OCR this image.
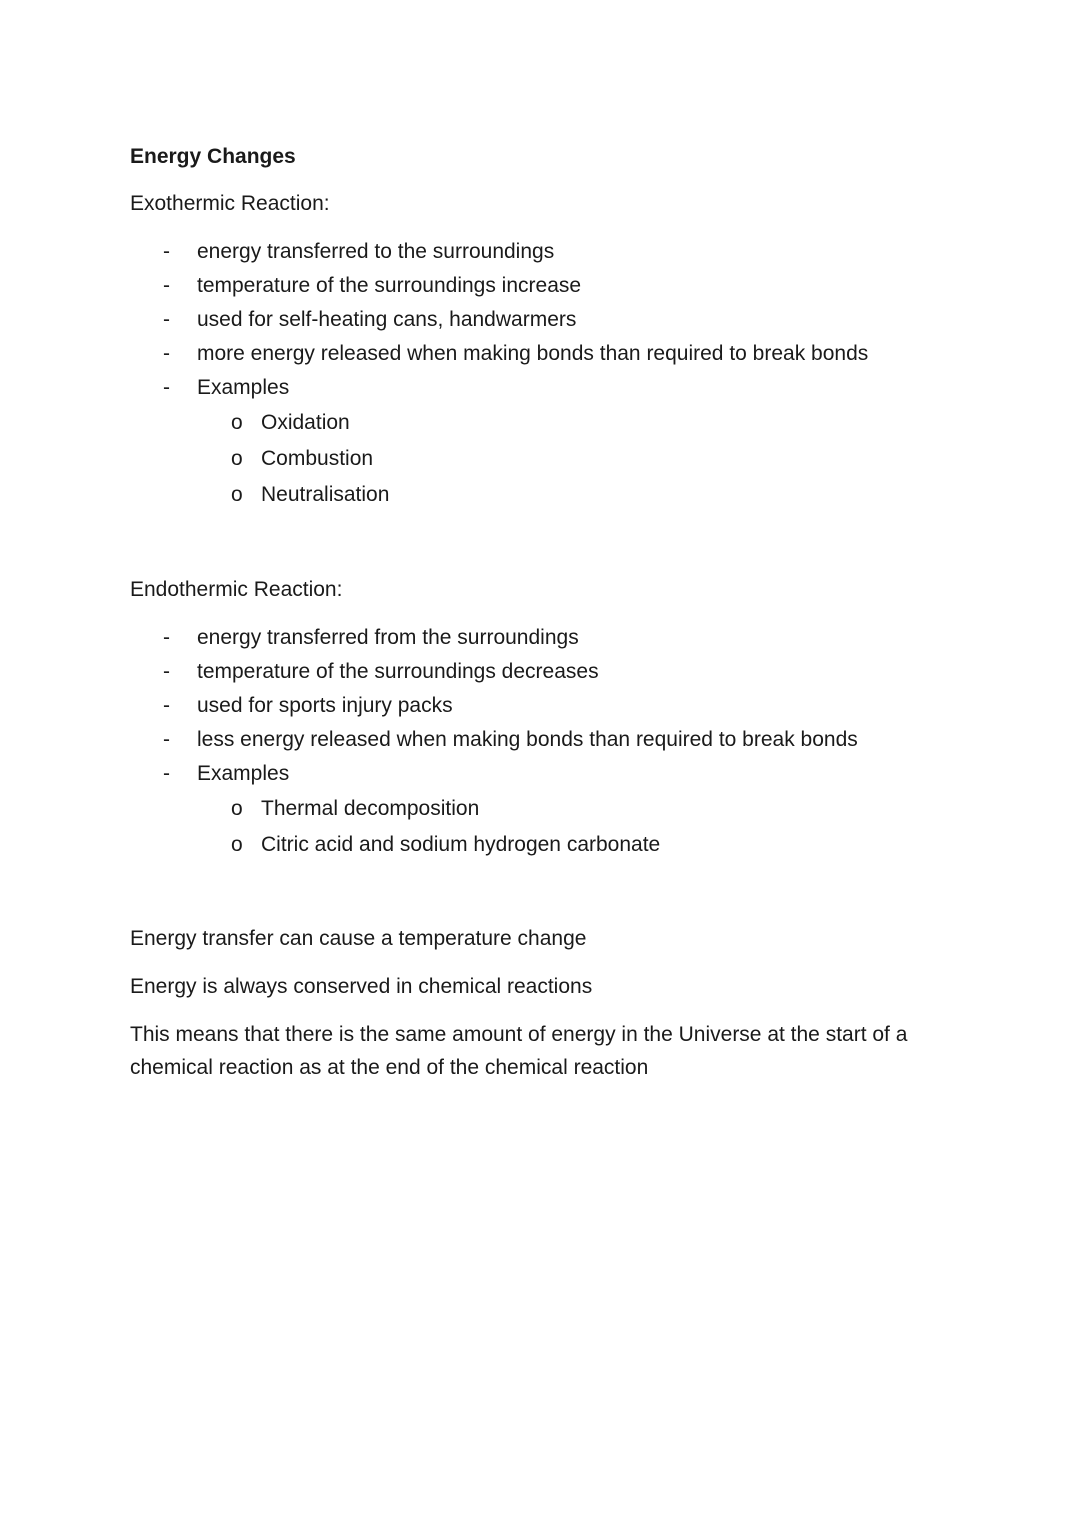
Energy Changes

Exothermic Reaction:

- energy transferred to the surroundings
- temperature of the surroundings increase
- used for self-heating cans, handwarmers
- more energy released when making bonds than required to break bonds
- Examples
o Oxidation
o Combustion
o Neutralisation

Endothermic Reaction:

- energy transferred from the surroundings
- temperature of the surroundings decreases
- used for sports injury packs
- less energy released when making bonds than required to break bonds
- Examples
o Thermal decomposition
o Citric acid and sodium hydrogen carbonate

Energy transfer can cause a temperature change

Energy is always conserved in chemical reactions

This means that there is the same amount of energy in the Universe at the start of a chemical reaction as at the end of the chemical reaction
